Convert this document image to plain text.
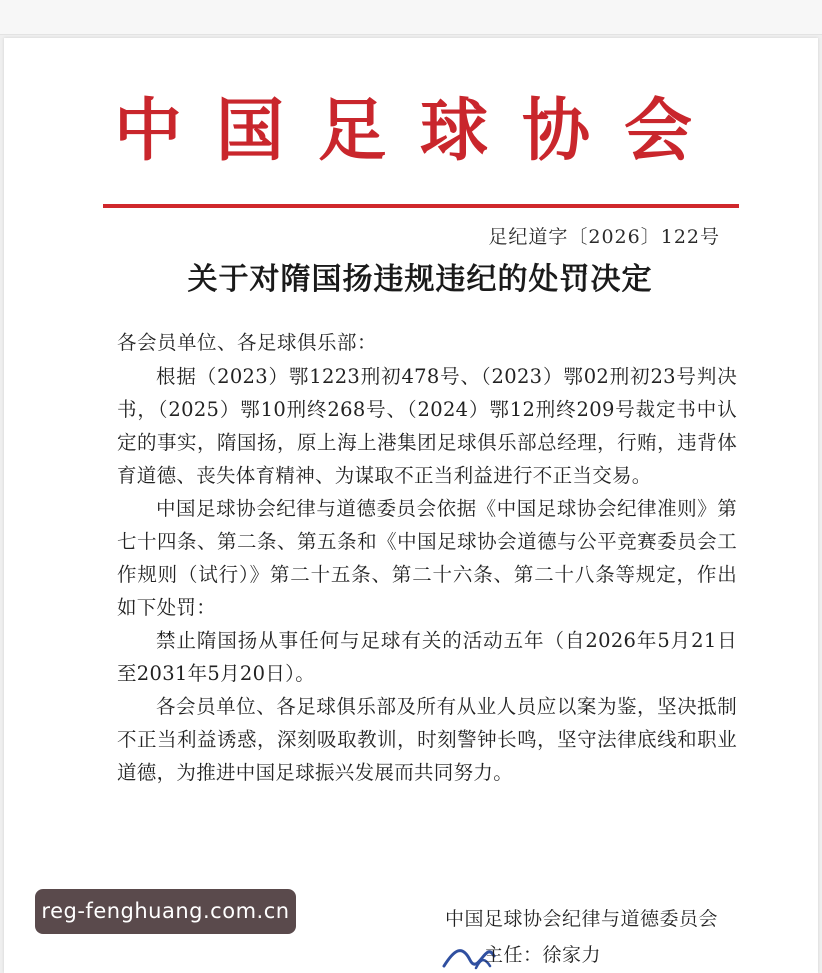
中国足球协会
足纪道字〔2026〕122号
关于对隋国扬违规违纪的处罚决定
各会员单位、各足球俱乐部：

根据（2023）鄂1223刑初478号、（2023）鄂02刑初23号判决书，（2025）鄂10刑终268号、（2024）鄂12刑终209号裁定书中认定的事实，隋国扬，原上海上港集团足球俱乐部总经理，行贿，违背体育道德、丧失体育精神、为谋取不正当利益进行不正当交易。

中国足球协会纪律与道德委员会依据《中国足球协会纪律准则》第七十四条、第二条、第五条和《中国足球协会道德与公平竞赛委员会工作规则（试行）》第二十五条、第二十六条、第二十八条等规定，作出如下处罚：

禁止隋国扬从事任何与足球有关的活动五年（自2026年5月21日至2031年5月20日）。

各会员单位、各足球俱乐部及所有从业人员应以案为鉴，坚决抵制不正当利益诱惑，深刻吸取教训，时刻警钟长鸣，坚守法律底线和职业道德，为推进中国足球振兴发展而共同努力。

中国足球协会纪律与道德委员会
主任：徐家力
reg-fenghuang.com.cn
